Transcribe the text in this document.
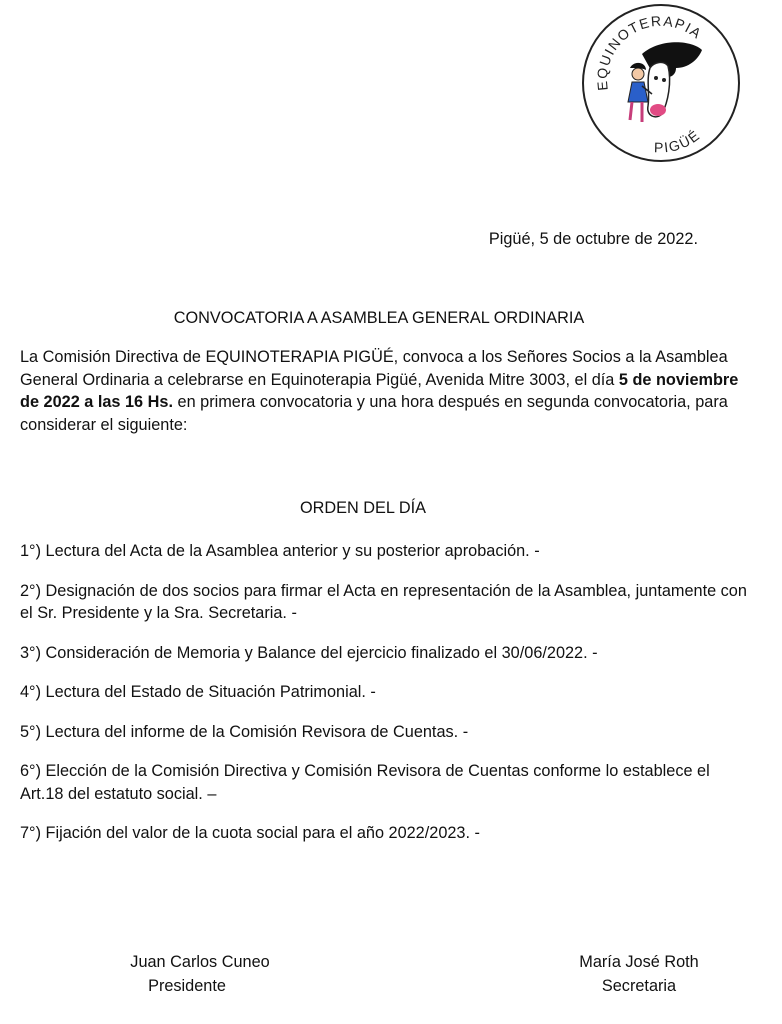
EQUINOTERAPIA
PIGÜÉ
Pigüé, 5 de octubre de 2022.
CONVOCATORIA A ASAMBLEA GENERAL ORDINARIA
La Comisión Directiva de EQUINOTERAPIA PIGÜÉ, convoca a los Señores Socios a la Asamblea General Ordinaria a celebrarse en Equinoterapia Pigüé, Avenida Mitre 3003, el día 5 de noviembre de 2022 a las 16 Hs. en primera convocatoria y una hora después en segunda convocatoria, para considerar el siguiente:
ORDEN DEL DÍA
1°) Lectura del Acta de la Asamblea anterior y su posterior aprobación. -
2°) Designación de dos socios para firmar el Acta en representación de la Asamblea, juntamente con el Sr. Presidente y la Sra. Secretaria. -
3°) Consideración de Memoria y Balance del ejercicio finalizado el 30/06/2022. -
4°) Lectura del Estado de Situación Patrimonial. -
5°) Lectura del informe de la Comisión Revisora de Cuentas. -
6°) Elección de la Comisión Directiva y Comisión Revisora de Cuentas conforme lo establece el Art.18 del estatuto social. –
7°) Fijación del valor de la cuota social para el año 2022/2023. -
Juan Carlos Cuneo
Presidente
María José Roth
Secretaria
